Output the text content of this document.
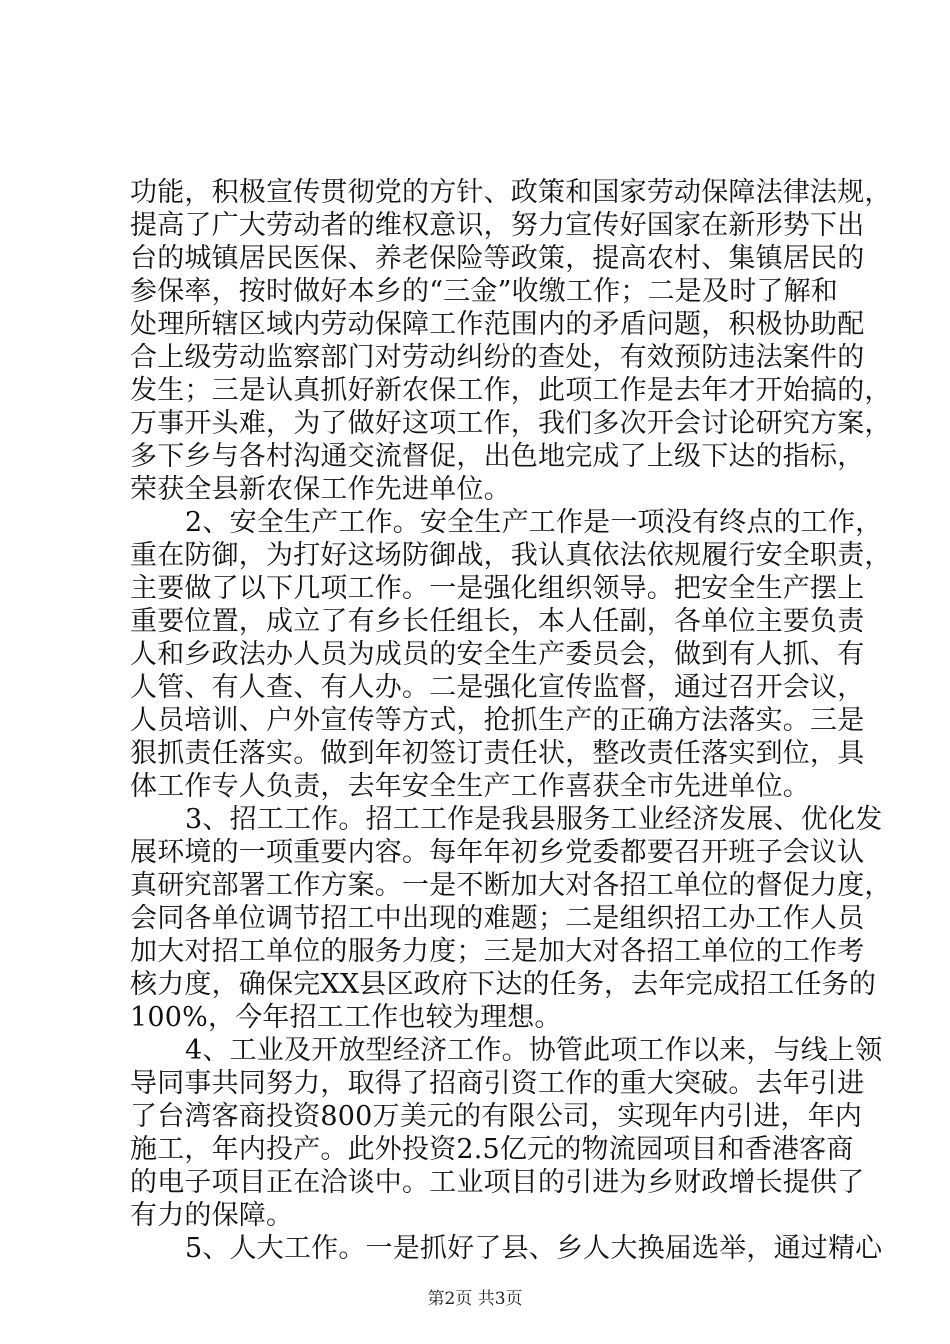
功能，积极宣传贯彻党的方针、政策和国家劳动保障法律法规，
提高了广大劳动者的维权意识，努力宣传好国家在新形势下出
台的城镇居民医保、养老保险等政策，提高农村、集镇居民的
参保率，按时做好本乡的“三金”收缴工作；二是及时了解和
处理所辖区域内劳动保障工作范围内的矛盾问题，积极协助配
合上级劳动监察部门对劳动纠纷的查处，有效预防违法案件的
发生；三是认真抓好新农保工作，此项工作是去年才开始搞的，
万事开头难，为了做好这项工作，我们多次开会讨论研究方案，
多下乡与各村沟通交流督促，出色地完成了上级下达的指标，
荣获全县新农保工作先进单位。
2、安全生产工作。安全生产工作是一项没有终点的工作，
重在防御，为打好这场防御战，我认真依法依规履行安全职责，
主要做了以下几项工作。一是强化组织领导。把安全生产摆上
重要位置，成立了有乡长任组长，本人任副，各单位主要负责
人和乡政法办人员为成员的安全生产委员会，做到有人抓、有
人管、有人查、有人办。二是强化宣传监督，通过召开会议，
人员培训、户外宣传等方式，抢抓生产的正确方法落实。三是
狠抓责任落实。做到年初签订责任状，整改责任落实到位，具
体工作专人负责，去年安全生产工作喜获全市先进单位。
3、招工工作。招工工作是我县服务工业经济发展、优化发
展环境的一项重要内容。每年年初乡党委都要召开班子会议认
真研究部署工作方案。一是不断加大对各招工单位的督促力度，
会同各单位调节招工中出现的难题；二是组织招工办工作人员
加大对招工单位的服务力度；三是加大对各招工单位的工作考
核力度，确保完XX县区政府下达的任务，去年完成招工任务的
100%，今年招工工作也较为理想。
4、工业及开放型经济工作。协管此项工作以来，与线上领
导同事共同努力，取得了招商引资工作的重大突破。去年引进
了台湾客商投资800万美元的有限公司，实现年内引进，年内
施工，年内投产。此外投资2.5亿元的物流园项目和香港客商
的电子项目正在洽谈中。工业项目的引进为乡财政增长提供了
有力的保障。
5、人大工作。一是抓好了县、乡人大换届选举，通过精心
第2页 共3页
